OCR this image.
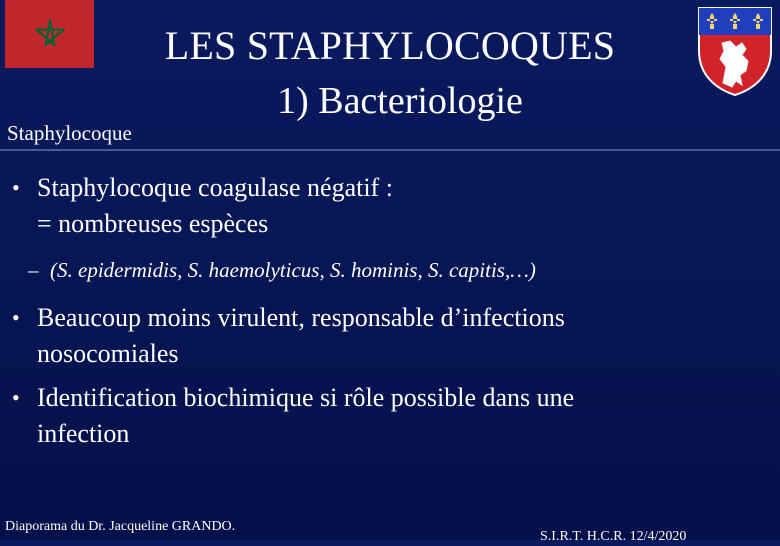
LES STAPHYLOCOQUES
1) Bacteriologie
Staphylocoque
• Staphylocoque coagulase négatif :
= nombreuses espèces
– (S. epidermidis, S. haemolyticus, S. hominis, S. capitis,…)
• Beaucoup moins virulent, responsable d’infections
nosocomiales
• Identification biochimique si rôle possible dans une
infection
Diaporama du Dr. Jacqueline GRANDO.
S.I.R.T. H.C.R. 12/4/2020
